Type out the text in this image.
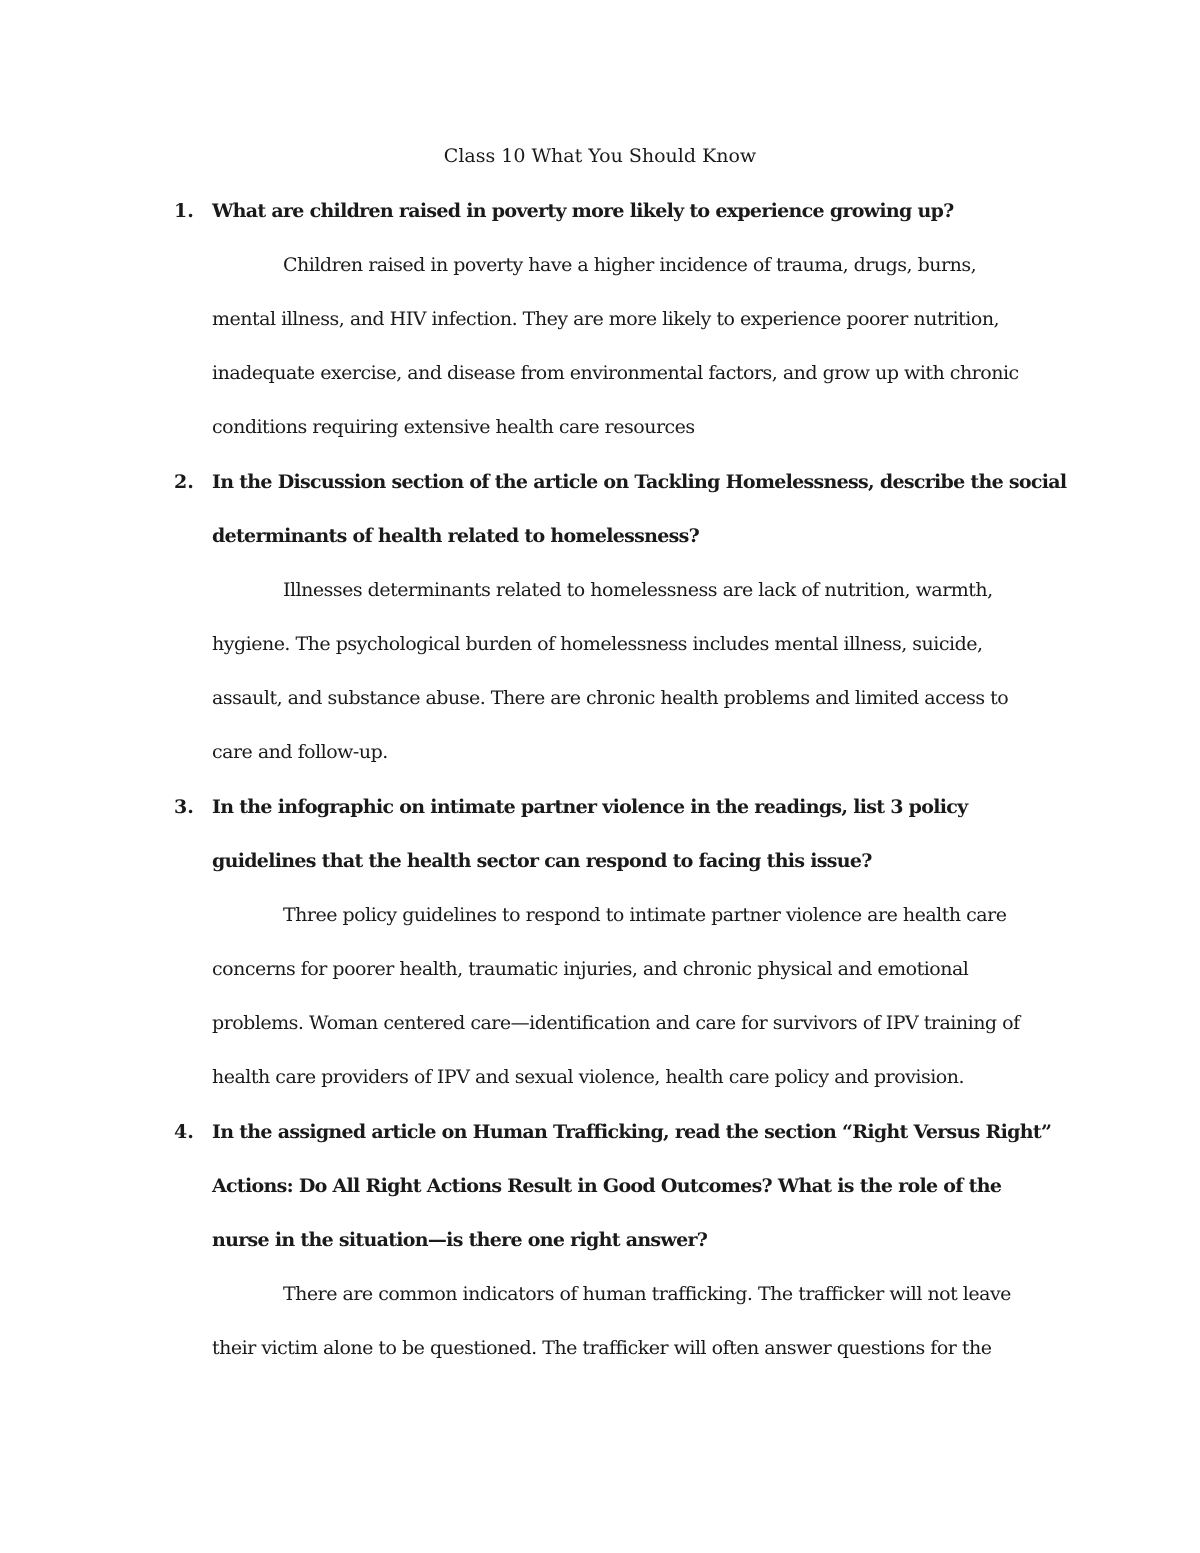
Class 10 What You Should Know
1. What are children raised in poverty more likely to experience growing up?
Children raised in poverty have a higher incidence of trauma, drugs, burns,
mental illness, and HIV infection. They are more likely to experience poorer nutrition,
inadequate exercise, and disease from environmental factors, and grow up with chronic
conditions requiring extensive health care resources
2. In the Discussion section of the article on Tackling Homelessness, describe the social
determinants of health related to homelessness?
Illnesses determinants related to homelessness are lack of nutrition, warmth,
hygiene. The psychological burden of homelessness includes mental illness, suicide,
assault, and substance abuse. There are chronic health problems and limited access to
care and follow-up.
3. In the infographic on intimate partner violence in the readings, list 3 policy
guidelines that the health sector can respond to facing this issue?
Three policy guidelines to respond to intimate partner violence are health care
concerns for poorer health, traumatic injuries, and chronic physical and emotional
problems. Woman centered care—identification and care for survivors of IPV training of
health care providers of IPV and sexual violence, health care policy and provision.
4. In the assigned article on Human Trafficking, read the section “Right Versus Right”
Actions: Do All Right Actions Result in Good Outcomes? What is the role of the
nurse in the situation—is there one right answer?
There are common indicators of human trafficking. The trafficker will not leave
their victim alone to be questioned. The trafficker will often answer questions for the
